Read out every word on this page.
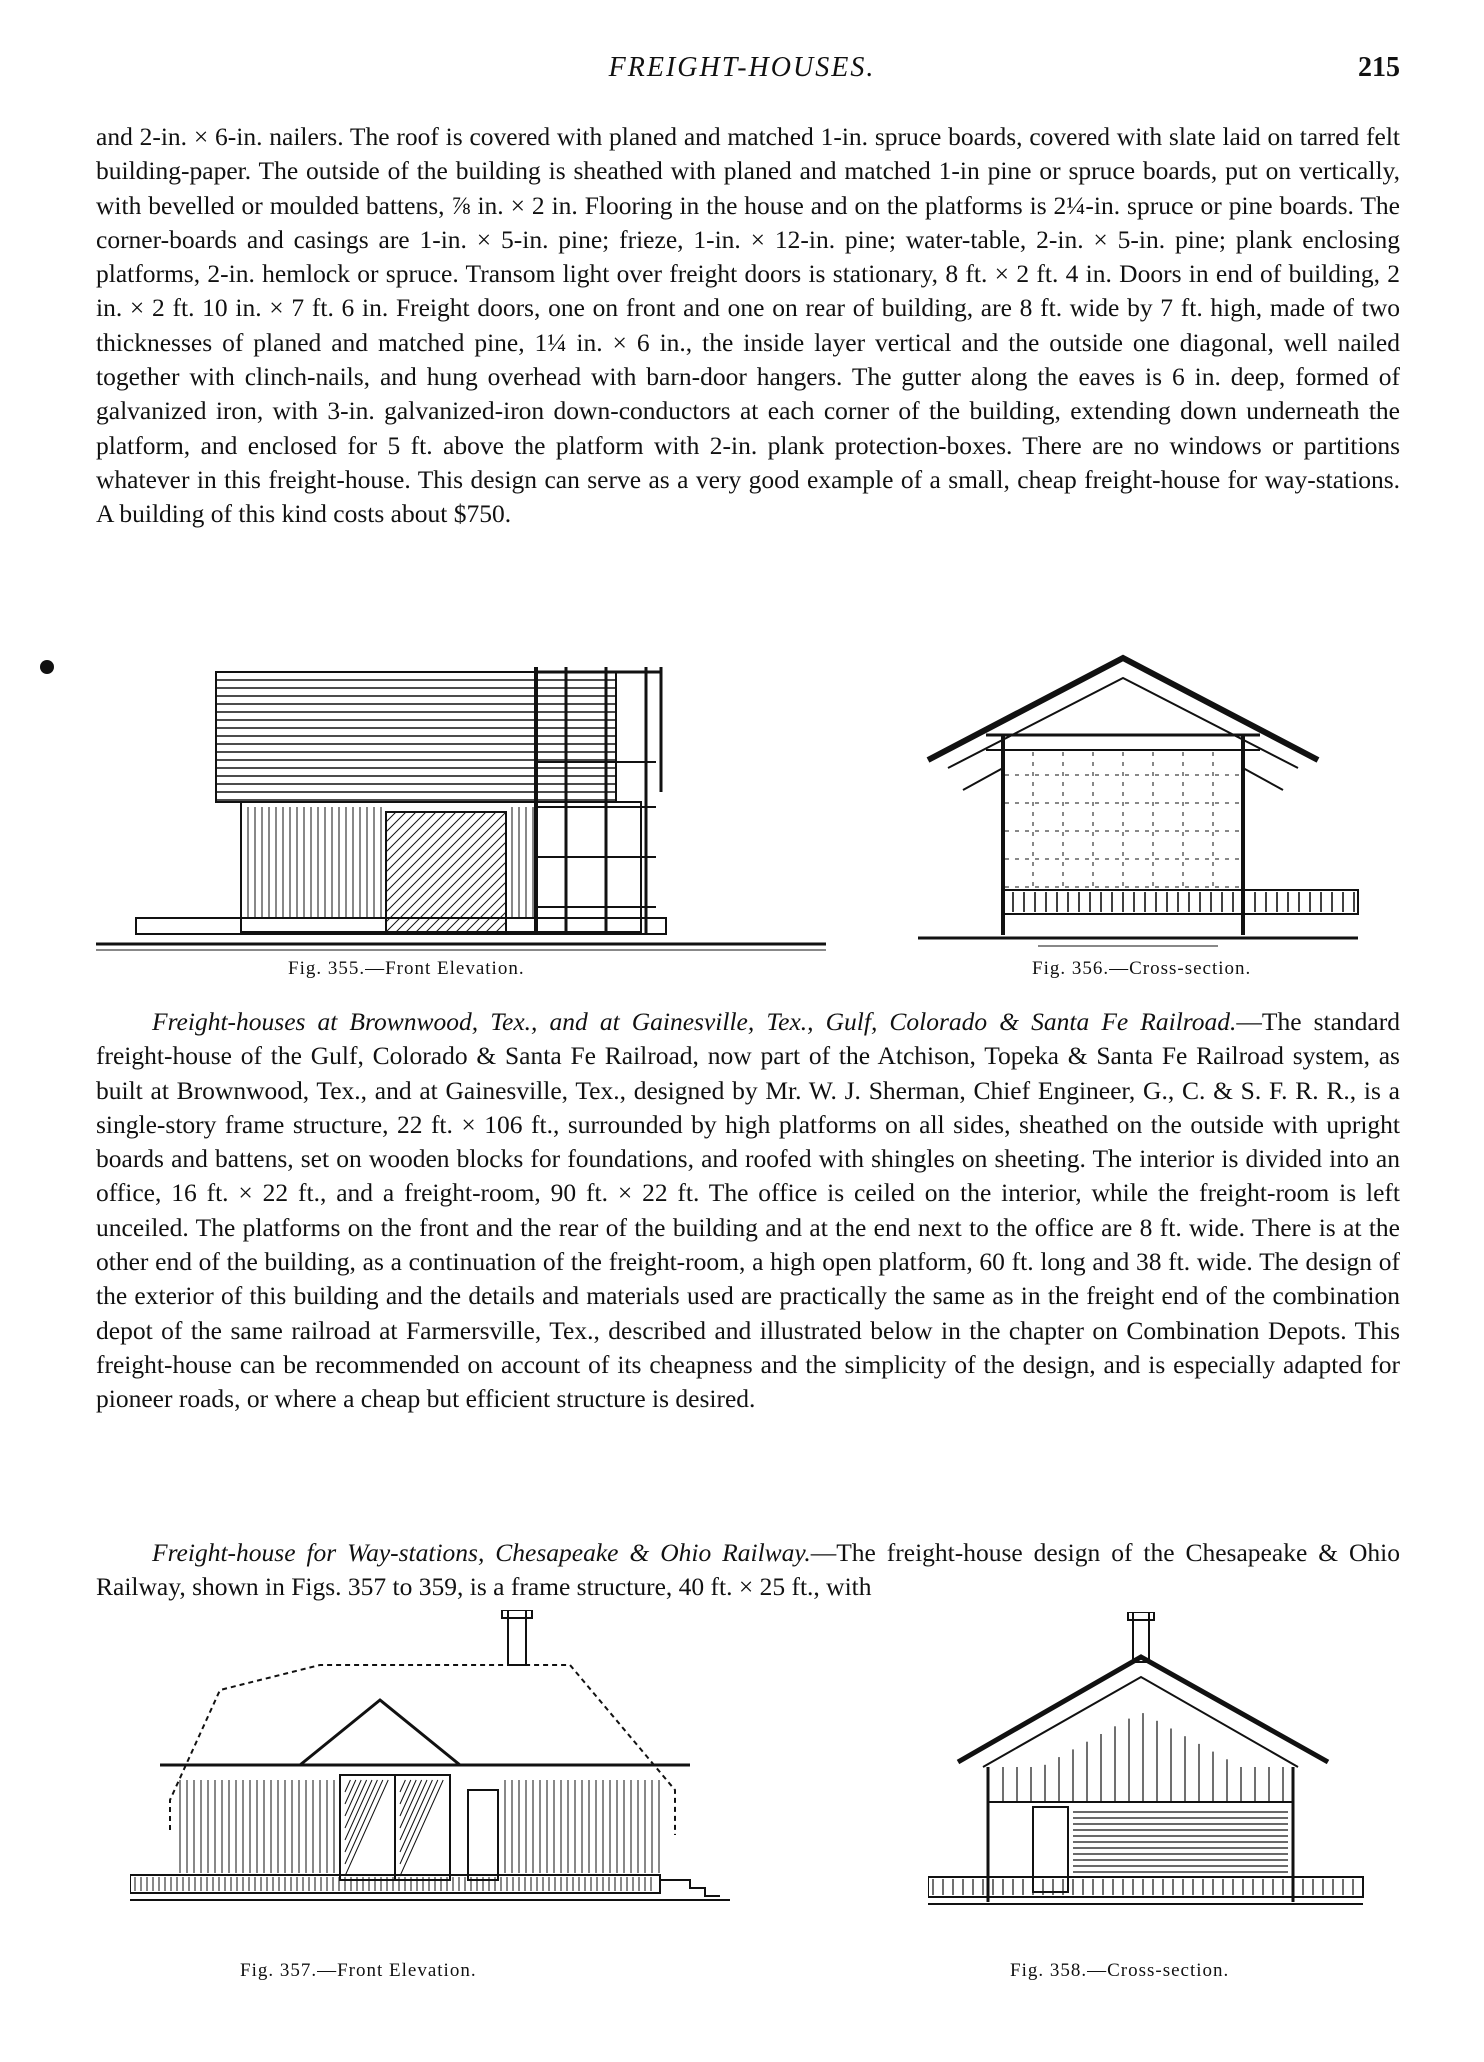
FREIGHT-HOUSES.	215

and 2-in. × 6-in. nailers. The roof is covered with planed and matched 1-in. spruce boards, covered with slate laid on tarred felt building-paper. The outside of the building is sheathed with planed and matched 1-in pine or spruce boards, put on vertically, with bevelled or moulded battens, ⅞ in. × 2 in. Flooring in the house and on the platforms is 2¼-in. spruce or pine boards. The corner-boards and casings are 1-in. × 5-in. pine; frieze, 1-in. × 12-in. pine; water-table, 2-in. × 5-in. pine; plank enclosing platforms, 2-in. hemlock or spruce. Transom light over freight doors is stationary, 8 ft. × 2 ft. 4 in. Doors in end of building, 2 in. × 2 ft. 10 in. × 7 ft. 6 in. Freight doors, one on front and one on rear of building, are 8 ft. wide by 7 ft. high, made of two thicknesses of planed and matched pine, 1¼ in. × 6 in., the inside layer vertical and the outside one diagonal, well nailed together with clinch-nails, and hung overhead with barn-door hangers. The gutter along the eaves is 6 in. deep, formed of galvanized iron, with 3-in. galvanized-iron down-conductors at each corner of the building, extending down underneath the platform, and enclosed for 5 ft. above the platform with 2-in. plank protection-boxes. There are no windows or partitions whatever in this freight-house. This design can serve as a very good example of a small, cheap freight-house for way-stations. A building of this kind costs about $750.

Fig. 355.—Front Elevation.	Fig. 356.—Cross-section.

Freight-houses at Brownwood, Tex., and at Gainesville, Tex., Gulf, Colorado & Santa Fe Railroad.—The standard freight-house of the Gulf, Colorado & Santa Fe Railroad, now part of the Atchison, Topeka & Santa Fe Railroad system, as built at Brownwood, Tex., and at Gainesville, Tex., designed by Mr. W. J. Sherman, Chief Engineer, G., C. & S. F. R. R., is a single-story frame structure, 22 ft. × 106 ft., surrounded by high platforms on all sides, sheathed on the outside with upright boards and battens, set on wooden blocks for foundations, and roofed with shingles on sheeting. The interior is divided into an office, 16 ft. × 22 ft., and a freight-room, 90 ft. × 22 ft. The office is ceiled on the interior, while the freight-room is left unceiled. The platforms on the front and the rear of the building and at the end next to the office are 8 ft. wide. There is at the other end of the building, as a continuation of the freight-room, a high open platform, 60 ft. long and 38 ft. wide. The design of the exterior of this building and the details and materials used are practically the same as in the freight end of the combination depot of the same railroad at Farmersville, Tex., described and illustrated below in the chapter on Combination Depots. This freight-house can be recommended on account of its cheapness and the simplicity of the design, and is especially adapted for pioneer roads, or where a cheap but efficient structure is desired.

Freight-house for Way-stations, Chesapeake & Ohio Railway.—The freight-house design of the Chesapeake & Ohio Railway, shown in Figs. 357 to 359, is a frame structure, 40 ft. × 25 ft., with

Fig. 357.—Front Elevation.	Fig. 358.—Cross-section.
